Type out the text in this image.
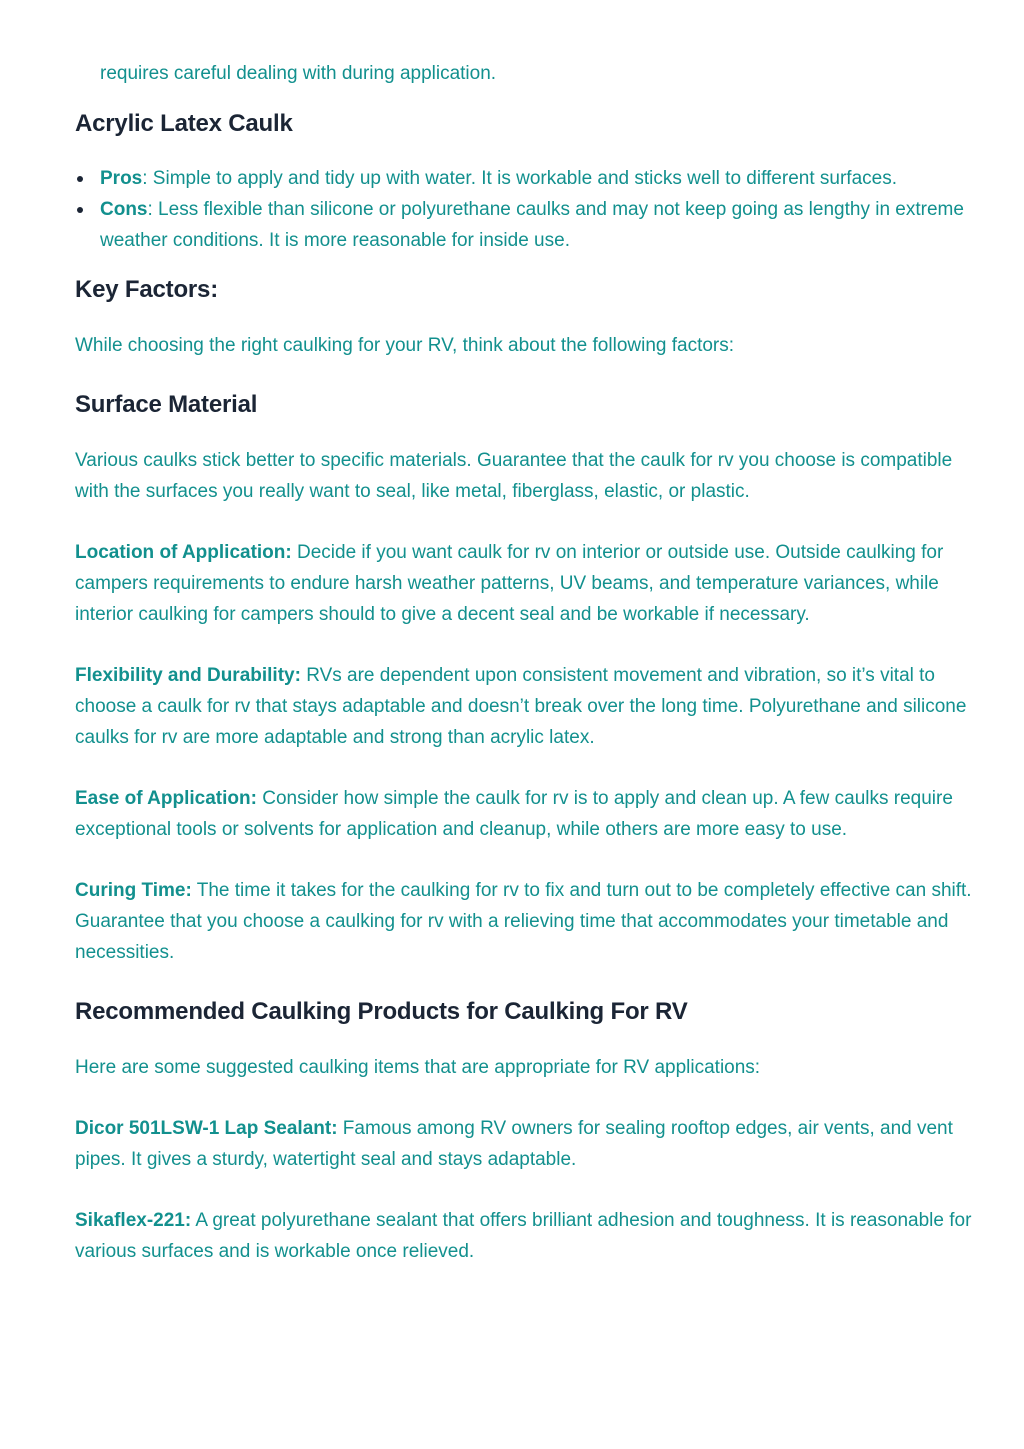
requires careful dealing with during application.

Acrylic Latex Caulk
Pros: Simple to apply and tidy up with water. It is workable and sticks well to different surfaces.
Cons: Less flexible than silicone or polyurethane caulks and may not keep going as lengthy in extreme weather conditions. It is more reasonable for inside use.
Key Factors:

While choosing the right caulking for your RV, think about the following factors:

Surface Material

Various caulks stick better to specific materials. Guarantee that the caulk for rv you choose is compatible with the surfaces you really want to seal, like metal, fiberglass, elastic, or plastic.

Location of Application: Decide if you want caulk for rv on interior or outside use. Outside caulking for campers requirements to endure harsh weather patterns, UV beams, and temperature variances, while interior caulking for campers should to give a decent seal and be workable if necessary.

Flexibility and Durability: RVs are dependent upon consistent movement and vibration, so it’s vital to choose a caulk for rv that stays adaptable and doesn’t break over the long time. Polyurethane and silicone caulks for rv are more adaptable and strong than acrylic latex.

Ease of Application: Consider how simple the caulk for rv is to apply and clean up. A few caulks require exceptional tools or solvents for application and cleanup, while others are more easy to use.

Curing Time: The time it takes for the caulking for rv to fix and turn out to be completely effective can shift. Guarantee that you choose a caulking for rv with a relieving time that accommodates your timetable and necessities.

Recommended Caulking Products for Caulking For RV

Here are some suggested caulking items that are appropriate for RV applications:

Dicor 501LSW-1 Lap Sealant: Famous among RV owners for sealing rooftop edges, air vents, and vent pipes. It gives a sturdy, watertight seal and stays adaptable.

Sikaflex-221: A great polyurethane sealant that offers brilliant adhesion and toughness. It is reasonable for various surfaces and is workable once relieved.
